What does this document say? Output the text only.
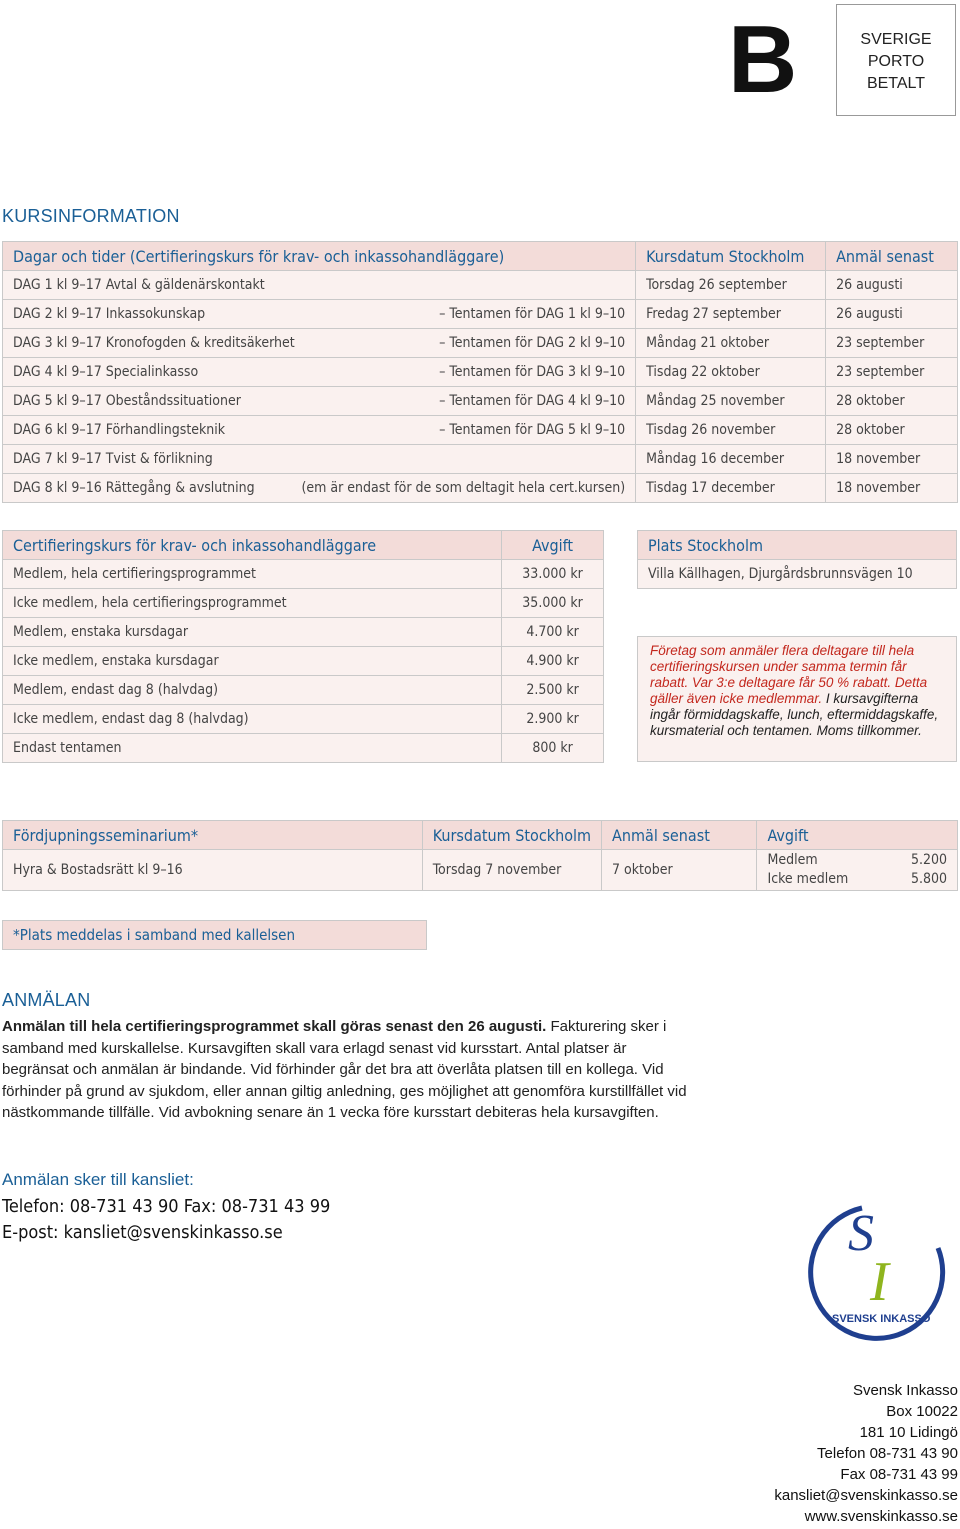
B	SVERIGE
PORTO
BETALT
KURSINFORMATION
Dagar och tider (Certifieringskurs för krav- och inkassohandläggare)	Kursdatum Stockholm	Anmäl senast
DAG 1 kl 9–17 Avtal & gäldenärskontakt	Torsdag 26 september	26 augusti
DAG 2 kl 9–17 Inkassokunskap – Tentamen för DAG 1 kl 9–10	Fredag 27 september	26 augusti
DAG 3 kl 9–17 Kronofogden & kreditsäkerhet – Tentamen för DAG 2 kl 9–10	Måndag 21 oktober	23 september
DAG 4 kl 9–17 Specialinkasso – Tentamen för DAG 3 kl 9–10	Tisdag 22 oktober	23 september
DAG 5 kl 9–17 Obeståndssituationer – Tentamen för DAG 4 kl 9–10	Måndag 25 november	28 oktober
DAG 6 kl 9–17 Förhandlingsteknik – Tentamen för DAG 5 kl 9–10	Tisdag 26 november	28 oktober
DAG 7 kl 9–17 Tvist & förlikning	Måndag 16 december	18 november
DAG 8 kl 9–16 Rättegång & avslutning (em är endast för de som deltagit hela cert.kursen)	Tisdag 17 december	18 november
Certifieringskurs för krav- och inkassohandläggare	Avgift
Medlem, hela certifieringsprogrammet	33.000 kr
Icke medlem, hela certifieringsprogrammet	35.000 kr
Medlem, enstaka kursdagar	4.700 kr
Icke medlem, enstaka kursdagar	4.900 kr
Medlem, endast dag 8 (halvdag)	2.500 kr
Icke medlem, endast dag 8 (halvdag)	2.900 kr
Endast tentamen	800 kr
Plats Stockholm
Villa Källhagen, Djurgårdsbrunnsvägen 10
Företag som anmäler flera deltagare till hela certifieringskursen under samma termin får rabatt. Var 3:e deltagare får 50 % rabatt. Detta gäller även icke medlemmar. I kursavgifterna ingår förmiddagskaffe, lunch, eftermiddagskaffe, kursmaterial och tentamen. Moms tillkommer.
Fördjupningsseminarium*	Kursdatum Stockholm	Anmäl senast	Avgift
Hyra & Bostadsrätt kl 9–16	Torsdag 7 november	7 oktober	Medlem 5.200
Icke medlem 5.800
*Plats meddelas i samband med kallelsen
ANMÄLAN
Anmälan till hela certifieringsprogrammet skall göras senast den 26 augusti. Fakturering sker i samband med kurskallelse. Kursavgiften skall vara erlagd senast vid kursstart. Antal platser är begränsat och anmälan är bindande. Vid förhinder går det bra att överlåta platsen till en kollega. Vid förhinder på grund av sjukdom, eller annan giltig anledning, ges möjlighet att genomföra kurstillfället vid nästkommande tillfälle. Vid avbokning senare än 1 vecka före kursstart debiteras hela kursavgiften.
Anmälan sker till kansliet:
Telefon: 08-731 43 90 Fax: 08-731 43 99
E-post: kansliet@svenskinkasso.se	S
I
SVENSK INKASSO
Svensk Inkasso
Box 10022
181 10 Lidingö
Telefon 08-731 43 90
Fax 08-731 43 99
kansliet@svenskinkasso.se
www.svenskinkasso.se
